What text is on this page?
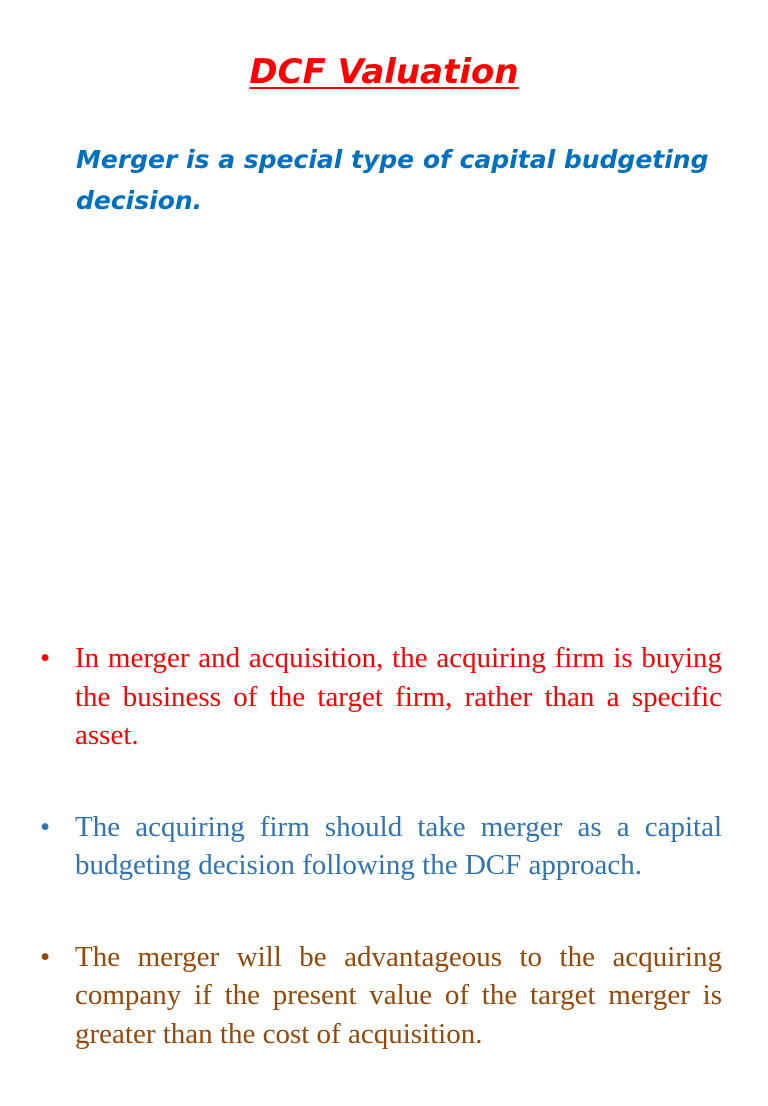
DCF Valuation
Merger is a special type of capital budgeting decision.
• In merger and acquisition, the acquiring firm is buying the business of the target firm, rather than a specific asset.
• The acquiring firm should take merger as a capital budgeting decision following the DCF approach.
• The merger will be advantageous to the acquiring company if the present value of the target merger is greater than the cost of acquisition.
